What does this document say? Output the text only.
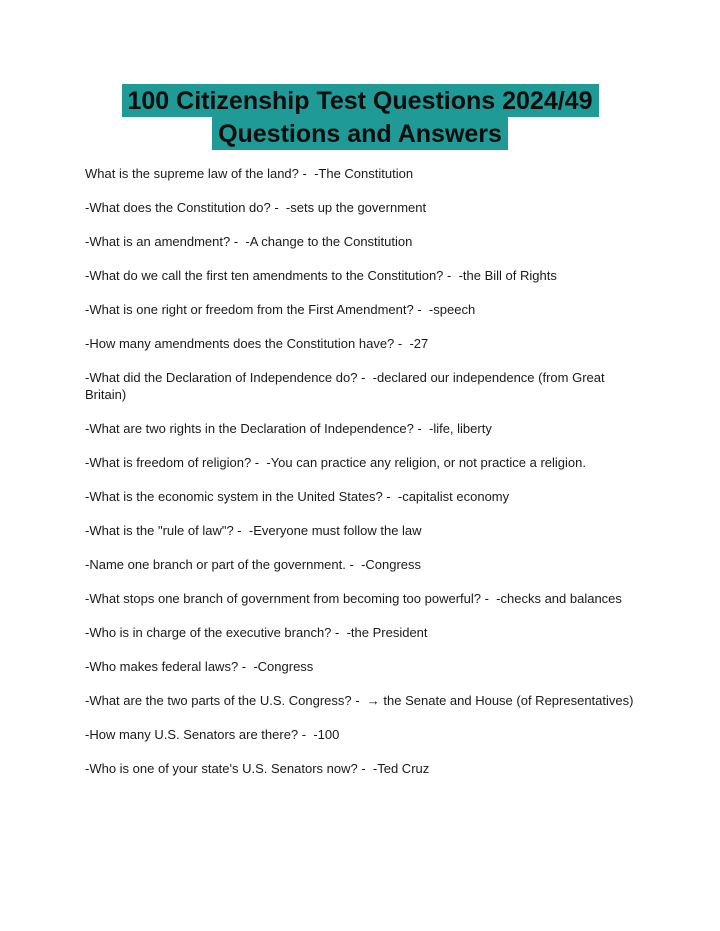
100 Citizenship Test Questions 2024/49
Questions and Answers
What is the supreme law of the land? -  -The Constitution
-What does the Constitution do? -  -sets up the government
-What is an amendment? -  -A change to the Constitution
-What do we call the first ten amendments to the Constitution? -  -the Bill of Rights
-What is one right or freedom from the First Amendment? -  -speech
-How many amendments does the Constitution have? -  -27
-What did the Declaration of Independence do? -  -declared our independence (from Great Britain)
-What are two rights in the Declaration of Independence? -  -life, liberty
-What is freedom of religion? -  -You can practice any religion, or not practice a religion.
-What is the economic system in the United States? -  -capitalist economy
-What is the "rule of law"? -  -Everyone must follow the law
-Name one branch or part of the government. -  -Congress
-What stops one branch of government from becoming too powerful? -  -checks and balances
-Who is in charge of the executive branch? -  -the President
-Who makes federal laws? -  -Congress
-What are the two parts of the U.S. Congress? -  → the Senate and House (of Representatives)
-How many U.S. Senators are there? -  -100
-Who is one of your state's U.S. Senators now? -  -Ted Cruz
